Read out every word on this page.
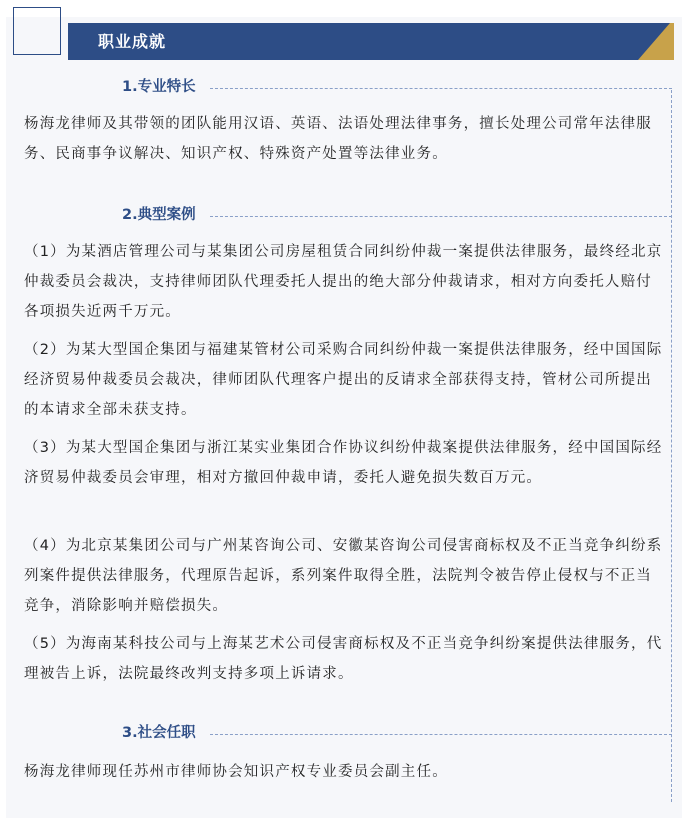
职业成就
1.专业特长

杨海龙律师及其带领的团队能用汉语、英语、法语处理法律事务，擅长处理公司常年法律服务、民商事争议解决、知识产权、特殊资产处置等法律业务。

2.典型案例

（1）为某酒店管理公司与某集团公司房屋租赁合同纠纷仲裁一案提供法律服务，最终经北京仲裁委员会裁决，支持律师团队代理委托人提出的绝大部分仲裁请求，相对方向委托人赔付各项损失近两千万元。

（2）为某大型国企集团与福建某管材公司采购合同纠纷仲裁一案提供法律服务，经中国国际经济贸易仲裁委员会裁决，律师团队代理客户提出的反请求全部获得支持，管材公司所提出的本请求全部未获支持。

（3）为某大型国企集团与浙江某实业集团合作协议纠纷仲裁案提供法律服务，经中国国际经济贸易仲裁委员会审理，相对方撤回仲裁申请，委托人避免损失数百万元。

（4）为北京某集团公司与广州某咨询公司、安徽某咨询公司侵害商标权及不正当竞争纠纷系列案件提供法律服务，代理原告起诉，系列案件取得全胜，法院判令被告停止侵权与不正当竞争，消除影响并赔偿损失。

（5）为海南某科技公司与上海某艺术公司侵害商标权及不正当竞争纠纷案提供法律服务，代理被告上诉，法院最终改判支持多项上诉请求。

3.社会任职

杨海龙律师现任苏州市律师协会知识产权专业委员会副主任。
